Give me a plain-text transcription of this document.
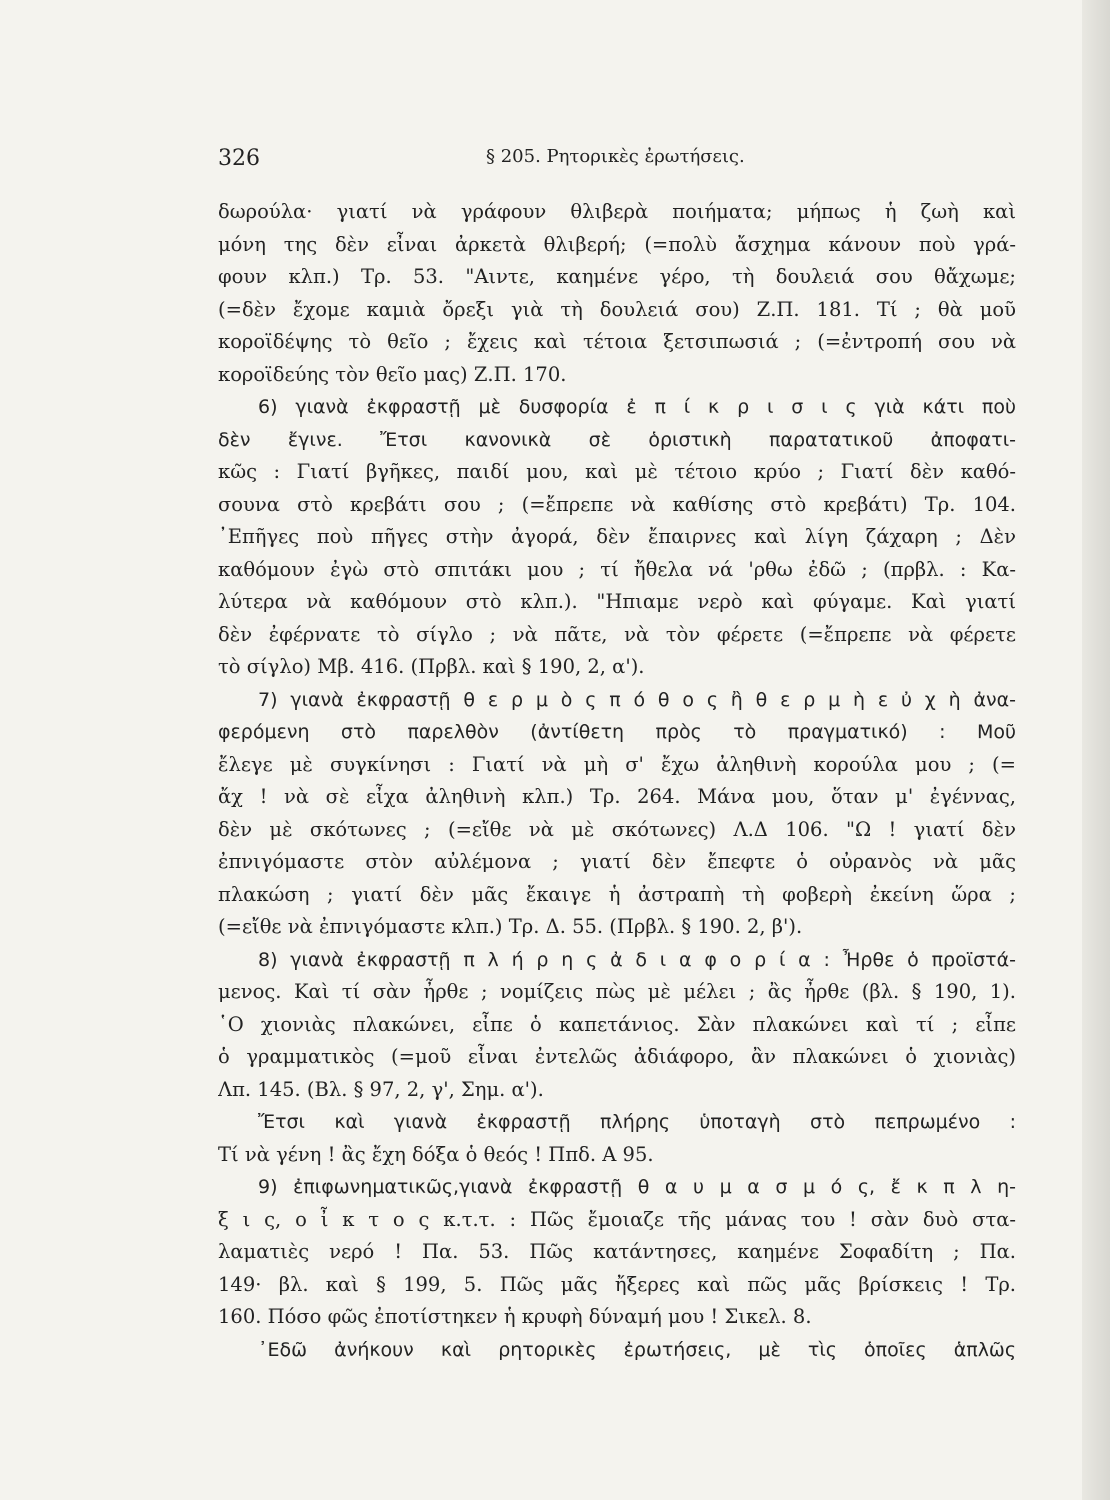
326	§ 205. Ρητορικὲς ἐρωτήσεις.
δωρούλα· γιατί νὰ γράφουν θλιβερὰ ποιήματα; μήπως ἡ ζωὴ καὶ
μόνη της δὲν εἶναι ἀρκετὰ θλιβερή; (=πολὺ ἄσχημα κάνουν ποὺ γρά-
φουν κλπ.) Τρ. 53. "Αιντε, καημένε γέρο, τὴ δουλειά σου θἄχωμε;
(=δὲν ἔχομε καμιὰ ὄρεξι γιὰ τὴ δουλειά σου) Ζ.Π. 181. Τί ; θὰ μοῦ
κοροϊδέψης τὸ θεῖο ; ἔχεις καὶ τέτοια ξετσιπωσιά ; (=ἐντροπή σου νὰ
κοροϊδεύης τὸν θεῖο μας) Ζ.Π. 170.
6) γιανὰ ἐκφραστῇ μὲ δυσφορία ἐ π ί κ ρ ι σ ι ς γιὰ κάτι ποὺ
δὲν ἔγινε. Ἔτσι κανονικὰ σὲ ὁριστικὴ παρατατικοῦ ἀποφατι-
κῶς : Γιατί βγῆκες, παιδί μου, καὶ μὲ τέτοιο κρύο ; Γιατί δὲν καθό-
σουνα στὸ κρεβάτι σου ; (=ἔπρεπε νὰ καθίσης στὸ κρεβάτι) Τρ. 104.
᾿Επῆγες ποὺ πῆγες στὴν ἀγορά, δὲν ἔπαιρνες καὶ λίγη ζάχαρη ; Δὲν
καθόμουν ἐγὼ στὸ σπιτάκι μου ; τί ἤθελα νά 'ρθω ἐδῶ ; (πρβλ. : Κα-
λύτερα νὰ καθόμουν στὸ κλπ.). "Ηπιαμε νερὸ καὶ φύγαμε. Καὶ γιατί
δὲν ἐφέρνατε τὸ σίγλο ; νὰ πᾶτε, νὰ τὸν φέρετε (=ἔπρεπε νὰ φέρετε
τὸ σίγλο) Μβ. 416. (Πρβλ. καὶ § 190, 2, α').
7) γιανὰ ἐκφραστῇ θ ε ρ μ ὸ ς π ό θ ο ς ἢ θ ε ρ μ ὴ ε ὐ χ ὴ ἀνα-
φερόμενη στὸ παρελθὸν (ἀντίθετη πρὸς τὸ πραγματικό) : Μοῦ
ἔλεγε μὲ συγκίνησι : Γιατί νὰ μὴ σ' ἔχω ἀληθινὴ κορούλα μου ; (=
ἄχ ! νὰ σὲ εἶχα ἀληθινὴ κλπ.) Τρ. 264. Μάνα μου, ὅταν μ' ἐγέννας,
δὲν μὲ σκότωνες ; (=εἴθε νὰ μὲ σκότωνες) Λ.Δ 106. "Ω ! γιατί δὲν
ἐπνιγόμαστε στὸν αὐλέμονα ; γιατί δὲν ἔπεφτε ὁ οὐρανὸς νὰ μᾶς
πλακώση ; γιατί δὲν μᾶς ἔκαιγε ἡ ἀστραπὴ τὴ φοβερὴ ἐκείνη ὥρα ;
(=εἴθε νὰ ἐπνιγόμαστε κλπ.) Τρ. Δ. 55. (Πρβλ. § 190. 2, β').
8) γιανὰ ἐκφραστῇ π λ ή ρ η ς ἀ δ ι α φ ο ρ ί α : Ἦρθε ὁ προϊστά-
μενος. Καὶ τί σὰν ἦρθε ; νομίζεις πὼς μὲ μέλει ; ἂς ἦρθε (βλ. § 190, 1).
῾Ο χιονιὰς πλακώνει, εἶπε ὁ καπετάνιος. Σὰν πλακώνει καὶ τί ; εἶπε
ὁ γραμματικὸς (=μοῦ εἶναι ἐντελῶς ἀδιάφορο, ἂν πλακώνει ὁ χιονιὰς)
Λπ. 145. (Βλ. § 97, 2, γ', Σημ. α').
Ἔτσι καὶ γιανὰ ἐκφραστῇ πλήρης ὑποταγὴ στὸ πεπρωμένο :
Τί νὰ γένη ! ἂς ἔχη δόξα ὁ θεός ! Ππδ. Α 95.
9) ἐπιφωνηματικῶς,γιανὰ ἐκφραστῇ θ α υ μ α σ μ ό ς, ἔ κ π λ η-
ξ ι ς, ο ἶ κ τ ο ς κ.τ.τ. : Πῶς ἔμοιαζε τῆς μάνας του ! σὰν δυὸ στα-
λαματιὲς νερό ! Πα. 53. Πῶς κατάντησες, καημένε Σοφαδίτη ; Πα.
149· βλ. καὶ § 199, 5. Πῶς μᾶς ἤξερες καὶ πῶς μᾶς βρίσκεις ! Τρ.
160. Πόσο φῶς ἐποτίστηκεν ἡ κρυφὴ δύναμή μου ! Σικελ. 8.
᾿Εδῶ ἀνήκουν καὶ ρητορικὲς ἐρωτήσεις, μὲ τὶς ὁποῖες ἁπλῶς
